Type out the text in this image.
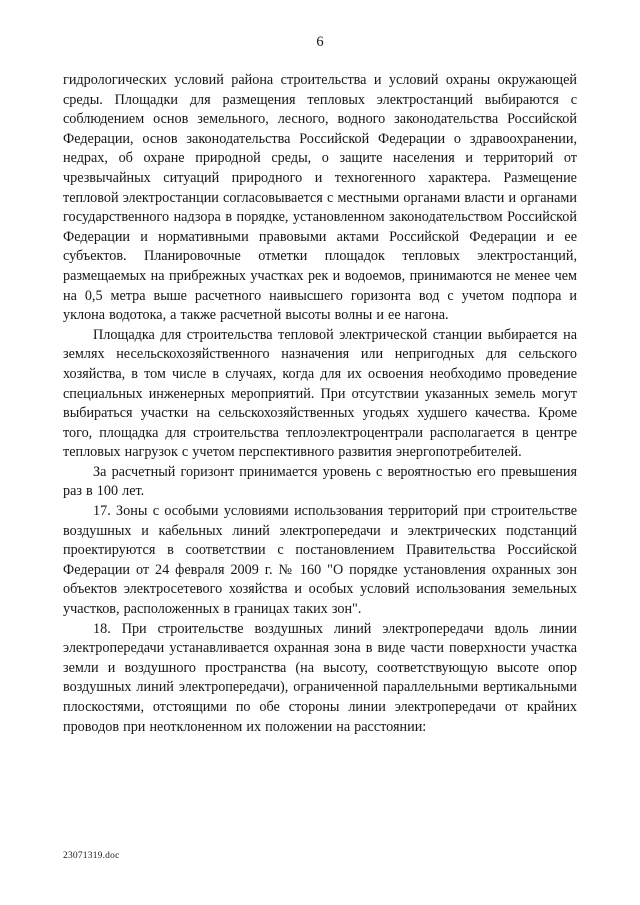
6

гидрологических условий района строительства и условий охраны окружающей среды. Площадки для размещения тепловых электростанций выбираются с соблюдением основ земельного, лесного, водного законодательства Российской Федерации, основ законодательства Российской Федерации о здравоохранении, недрах, об охране природной среды, о защите населения и территорий от чрезвычайных ситуаций природного и техногенного характера. Размещение тепловой электростанции согласовывается с местными органами власти и органами государственного надзора в порядке, установленном законодательством Российской Федерации и нормативными правовыми актами Российской Федерации и ее субъектов. Планировочные отметки площадок тепловых электростанций, размещаемых на прибрежных участках рек и водоемов, принимаются не менее чем на 0,5 метра выше расчетного наивысшего горизонта вод с учетом подпора и уклона водотока, а также расчетной высоты волны и ее нагона.

Площадка для строительства тепловой электрической станции выбирается на землях несельскохозяйственного назначения или непригодных для сельского хозяйства, в том числе в случаях, когда для их освоения необходимо проведение специальных инженерных мероприятий. При отсутствии указанных земель могут выбираться участки на сельскохозяйственных угодьях худшего качества. Кроме того, площадка для строительства теплоэлектроцентрали располагается в центре тепловых нагрузок с учетом перспективного развития энергопотребителей.

За расчетный горизонт принимается уровень с вероятностью его превышения раз в 100 лет.

17. Зоны с особыми условиями использования территорий при строительстве воздушных и кабельных линий электропередачи и электрических подстанций проектируются в соответствии с постановлением Правительства Российской Федерации от 24 февраля 2009 г. № 160 "О порядке установления охранных зон объектов электросетевого хозяйства и особых условий использования земельных участков, расположенных в границах таких зон".

18. При строительстве воздушных линий электропередачи вдоль линии электропередачи устанавливается охранная зона в виде части поверхности участка земли и воздушного пространства (на высоту, соответствующую высоте опор воздушных линий электропередачи), ограниченной параллельными вертикальными плоскостями, отстоящими по обе стороны линии электропередачи от крайних проводов при неотклоненном их положении на расстоянии:

23071319.doc
